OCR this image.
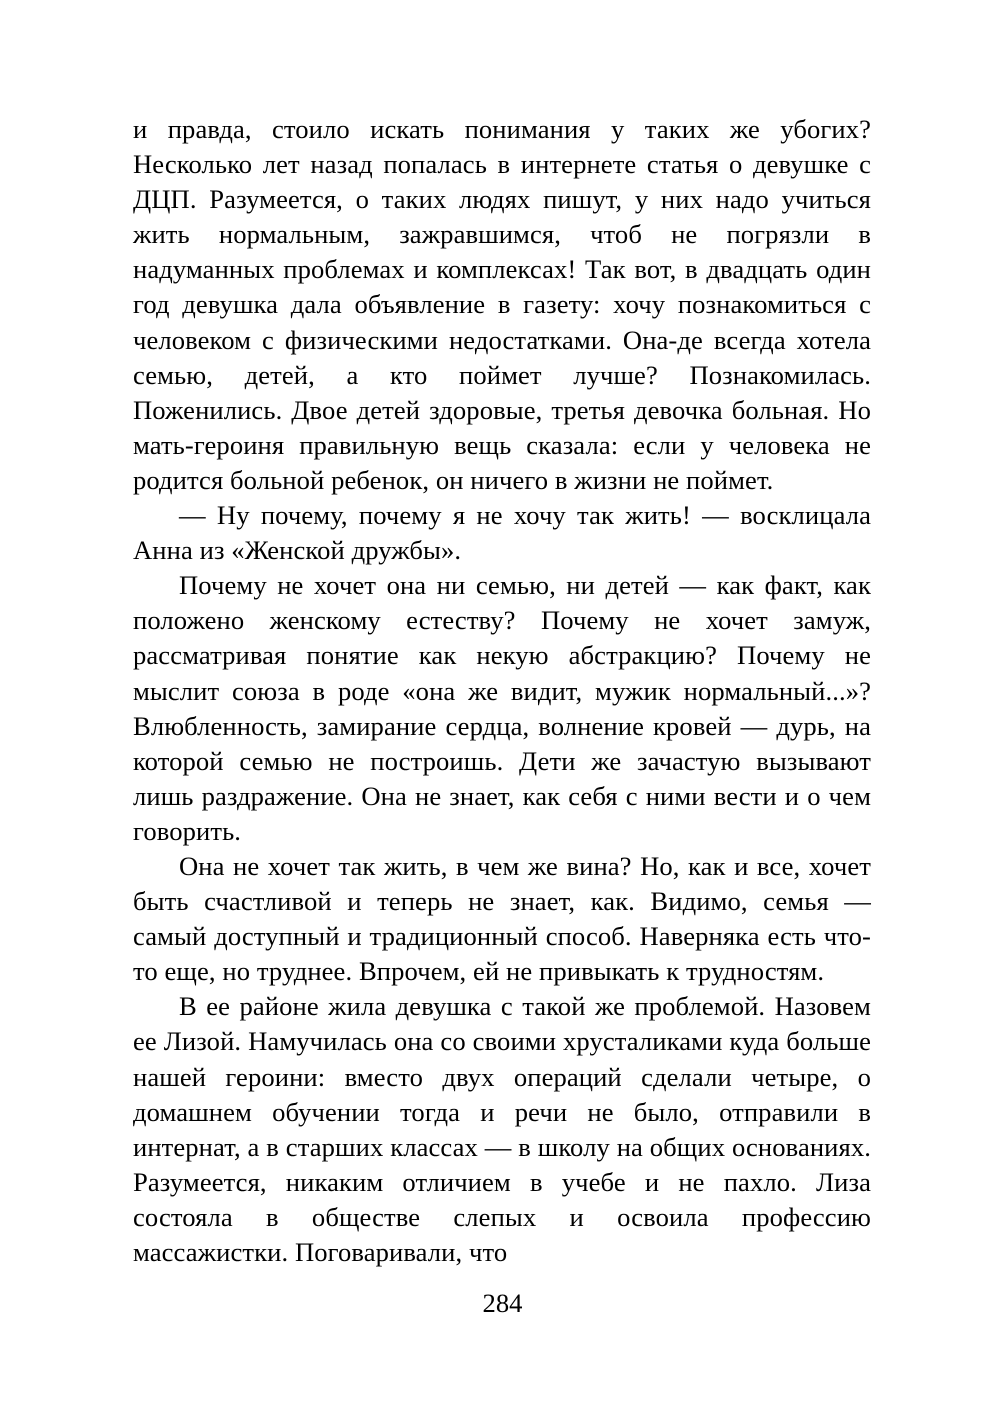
и правда, стоило искать понимания у таких же убогих? Несколько лет назад попалась в интернете статья о девушке с ДЦП. Разумеется, о таких людях пишут, у них надо учиться жить нормальным, зажравшимся, чтоб не погрязли в надуманных проблемах и комплексах! Так вот, в двадцать один год девушка дала объявление в газету: хочу познакомиться с человеком с физическими недостатками. Она-де всегда хотела семью, детей, а кто поймет лучше? Познакомилась. Поженились. Двое детей здоровые, третья девочка больная. Но мать-героиня правильную вещь сказала: если у человека не родится больной ребенок, он ничего в жизни не поймет.

— Ну почему, почему я не хочу так жить! — восклицала Анна из «Женской дружбы».

Почему не хочет она ни семью, ни детей — как факт, как положено женскому естеству? Почему не хочет замуж, рассматривая понятие как некую абстракцию? Почему не мыслит союза в роде «она же видит, мужик нормальный...»? Влюбленность, замирание сердца, волнение кровей — дурь, на которой семью не построишь. Дети же зачастую вызывают лишь раздражение. Она не знает, как себя с ними вести и о чем говорить.

Она не хочет так жить, в чем же вина? Но, как и все, хочет быть счастливой и теперь не знает, как. Видимо, семья — самый доступный и традиционный способ. Наверняка есть что-то еще, но труднее. Впрочем, ей не привыкать к трудностям.

В ее районе жила девушка с такой же проблемой. Назовем ее Лизой. Намучилась она со своими хрусталиками куда больше нашей героини: вместо двух операций сделали четыре, о домашнем обучении тогда и речи не было, отправили в интернат, а в старших классах — в школу на общих основаниях. Разумеется, никаким отличием в учебе и не пахло. Лиза состояла в обществе слепых и освоила профессию массажистки. Поговаривали, что

284
